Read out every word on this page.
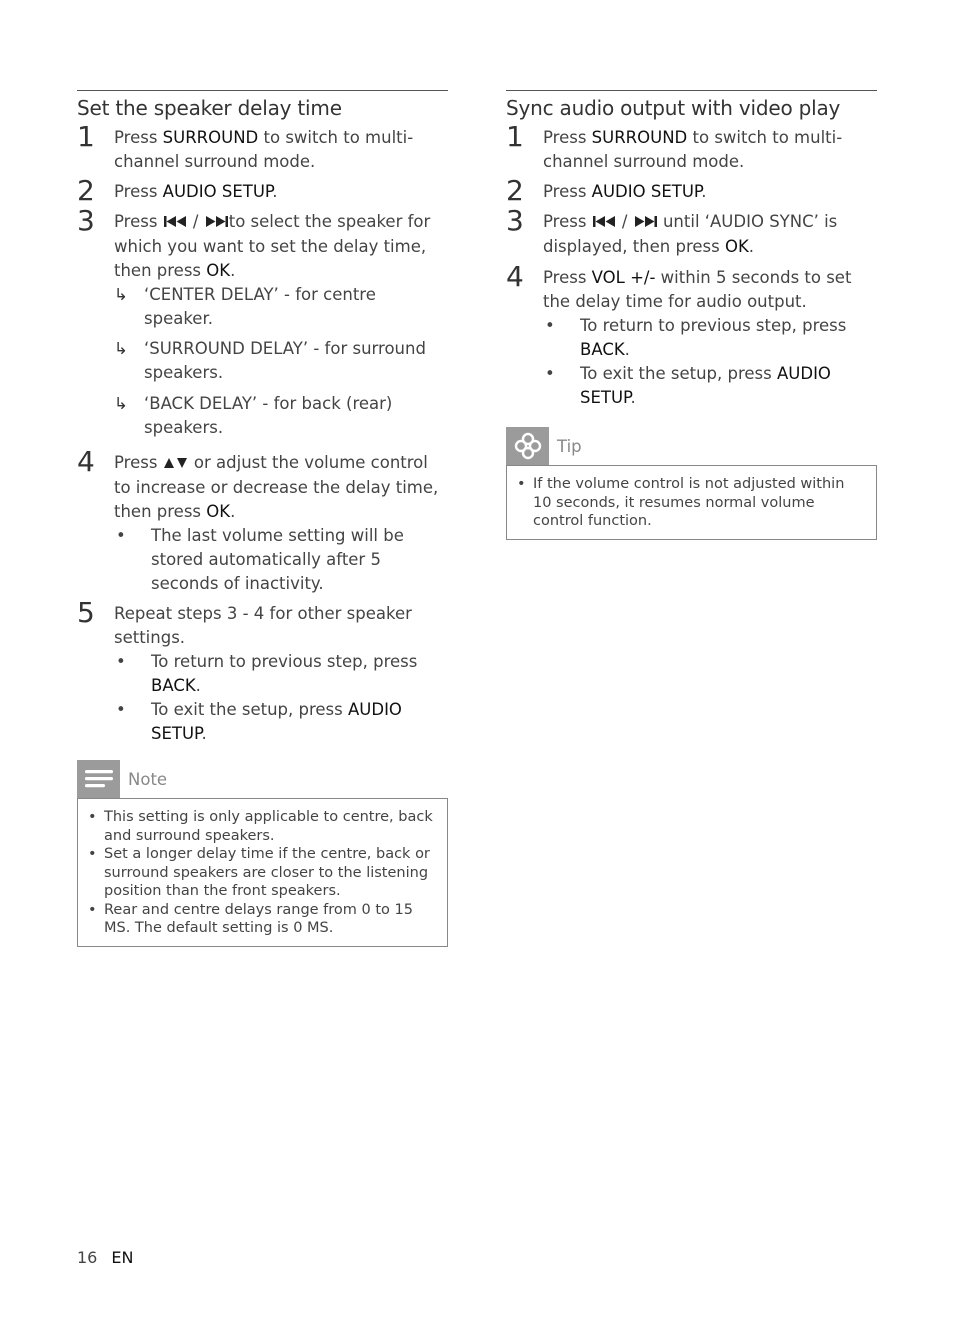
Set the speaker delay time
1 Press SURROUND to switch to multi-channel surround mode.
2 Press AUDIO SETUP.
3 Press  / to select the speaker for which you want to set the delay time, then press OK.
↳ ‘CENTER DELAY’ - for centre speaker.
↳ ‘SURROUND DELAY’ - for surround speakers.
↳ ‘BACK DELAY’ - for back (rear) speakers.
4 Press  or adjust the volume control to increase or decrease the delay time, then press OK.
• The last volume setting will be stored automatically after 5 seconds of inactivity.
5 Repeat steps 3 - 4 for other speaker settings.
• To return to previous step, press BACK.
• To exit the setup, press AUDIO SETUP.
Note
• This setting is only applicable to centre, back and surround speakers.
• Set a longer delay time if the centre, back or surround speakers are closer to the listening position than the front speakers.
• Rear and centre delays range from 0 to 15 MS. The default setting is 0 MS.
Sync audio output with video play
1 Press SURROUND to switch to multi-channel surround mode.
2 Press AUDIO SETUP.
3 Press  /  until ‘AUDIO SYNC’ is displayed, then press OK.
4 Press VOL +/- within 5 seconds to set the delay time for audio output.
• To return to previous step, press BACK.
• To exit the setup, press AUDIO SETUP.
Tip
• If the volume control is not adjusted within 10 seconds, it resumes normal volume control function.
16 EN
